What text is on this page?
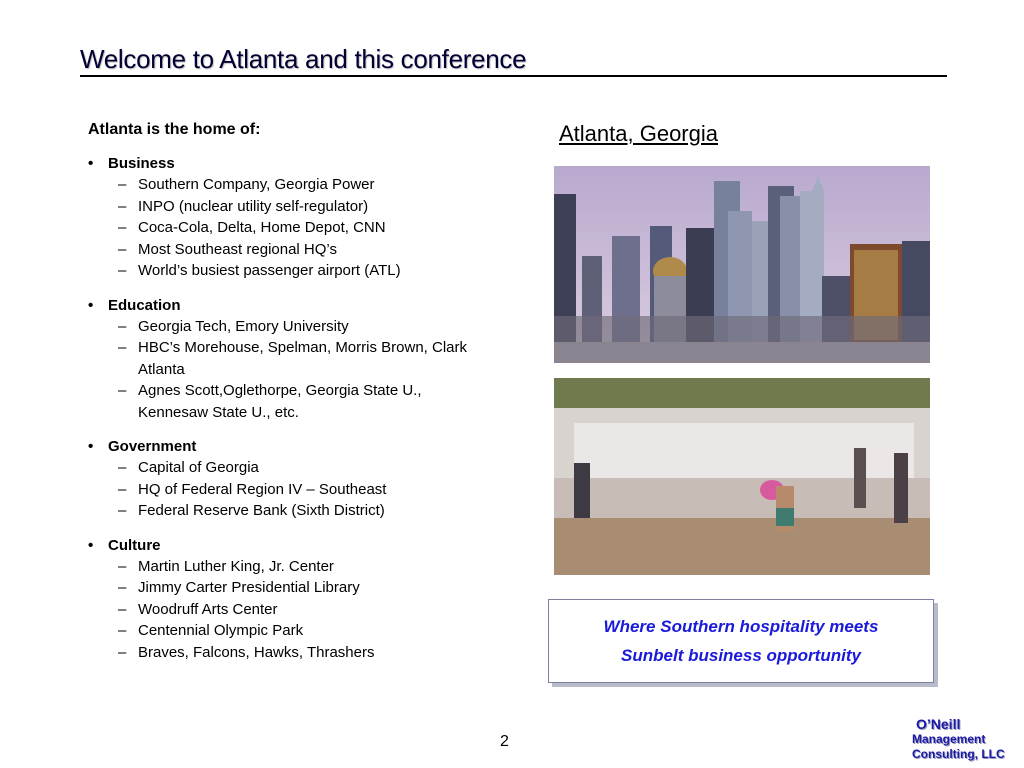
Welcome to Atlanta and this conference
Atlanta is the home of:
• Business
– Southern Company, Georgia Power
– INPO (nuclear utility self-regulator)
– Coca-Cola, Delta, Home Depot, CNN
– Most Southeast regional HQ’s
– World’s busiest passenger airport (ATL)
• Education
– Georgia Tech, Emory University
– HBC’s Morehouse, Spelman, Morris Brown, Clark Atlanta
– Agnes Scott,Oglethorpe, Georgia State U., Kennesaw State U., etc.
• Government
– Capital of Georgia
– HQ of Federal Region IV – Southeast
– Federal Reserve Bank (Sixth District)
• Culture
– Martin Luther King, Jr. Center
– Jimmy Carter Presidential Library
– Woodruff Arts Center
– Centennial Olympic Park
– Braves, Falcons, Hawks, Thrashers
Atlanta, Georgia
Where Southern hospitality meets
Sunbelt business opportunity
2
O’Neill
Management
Consulting, LLC
